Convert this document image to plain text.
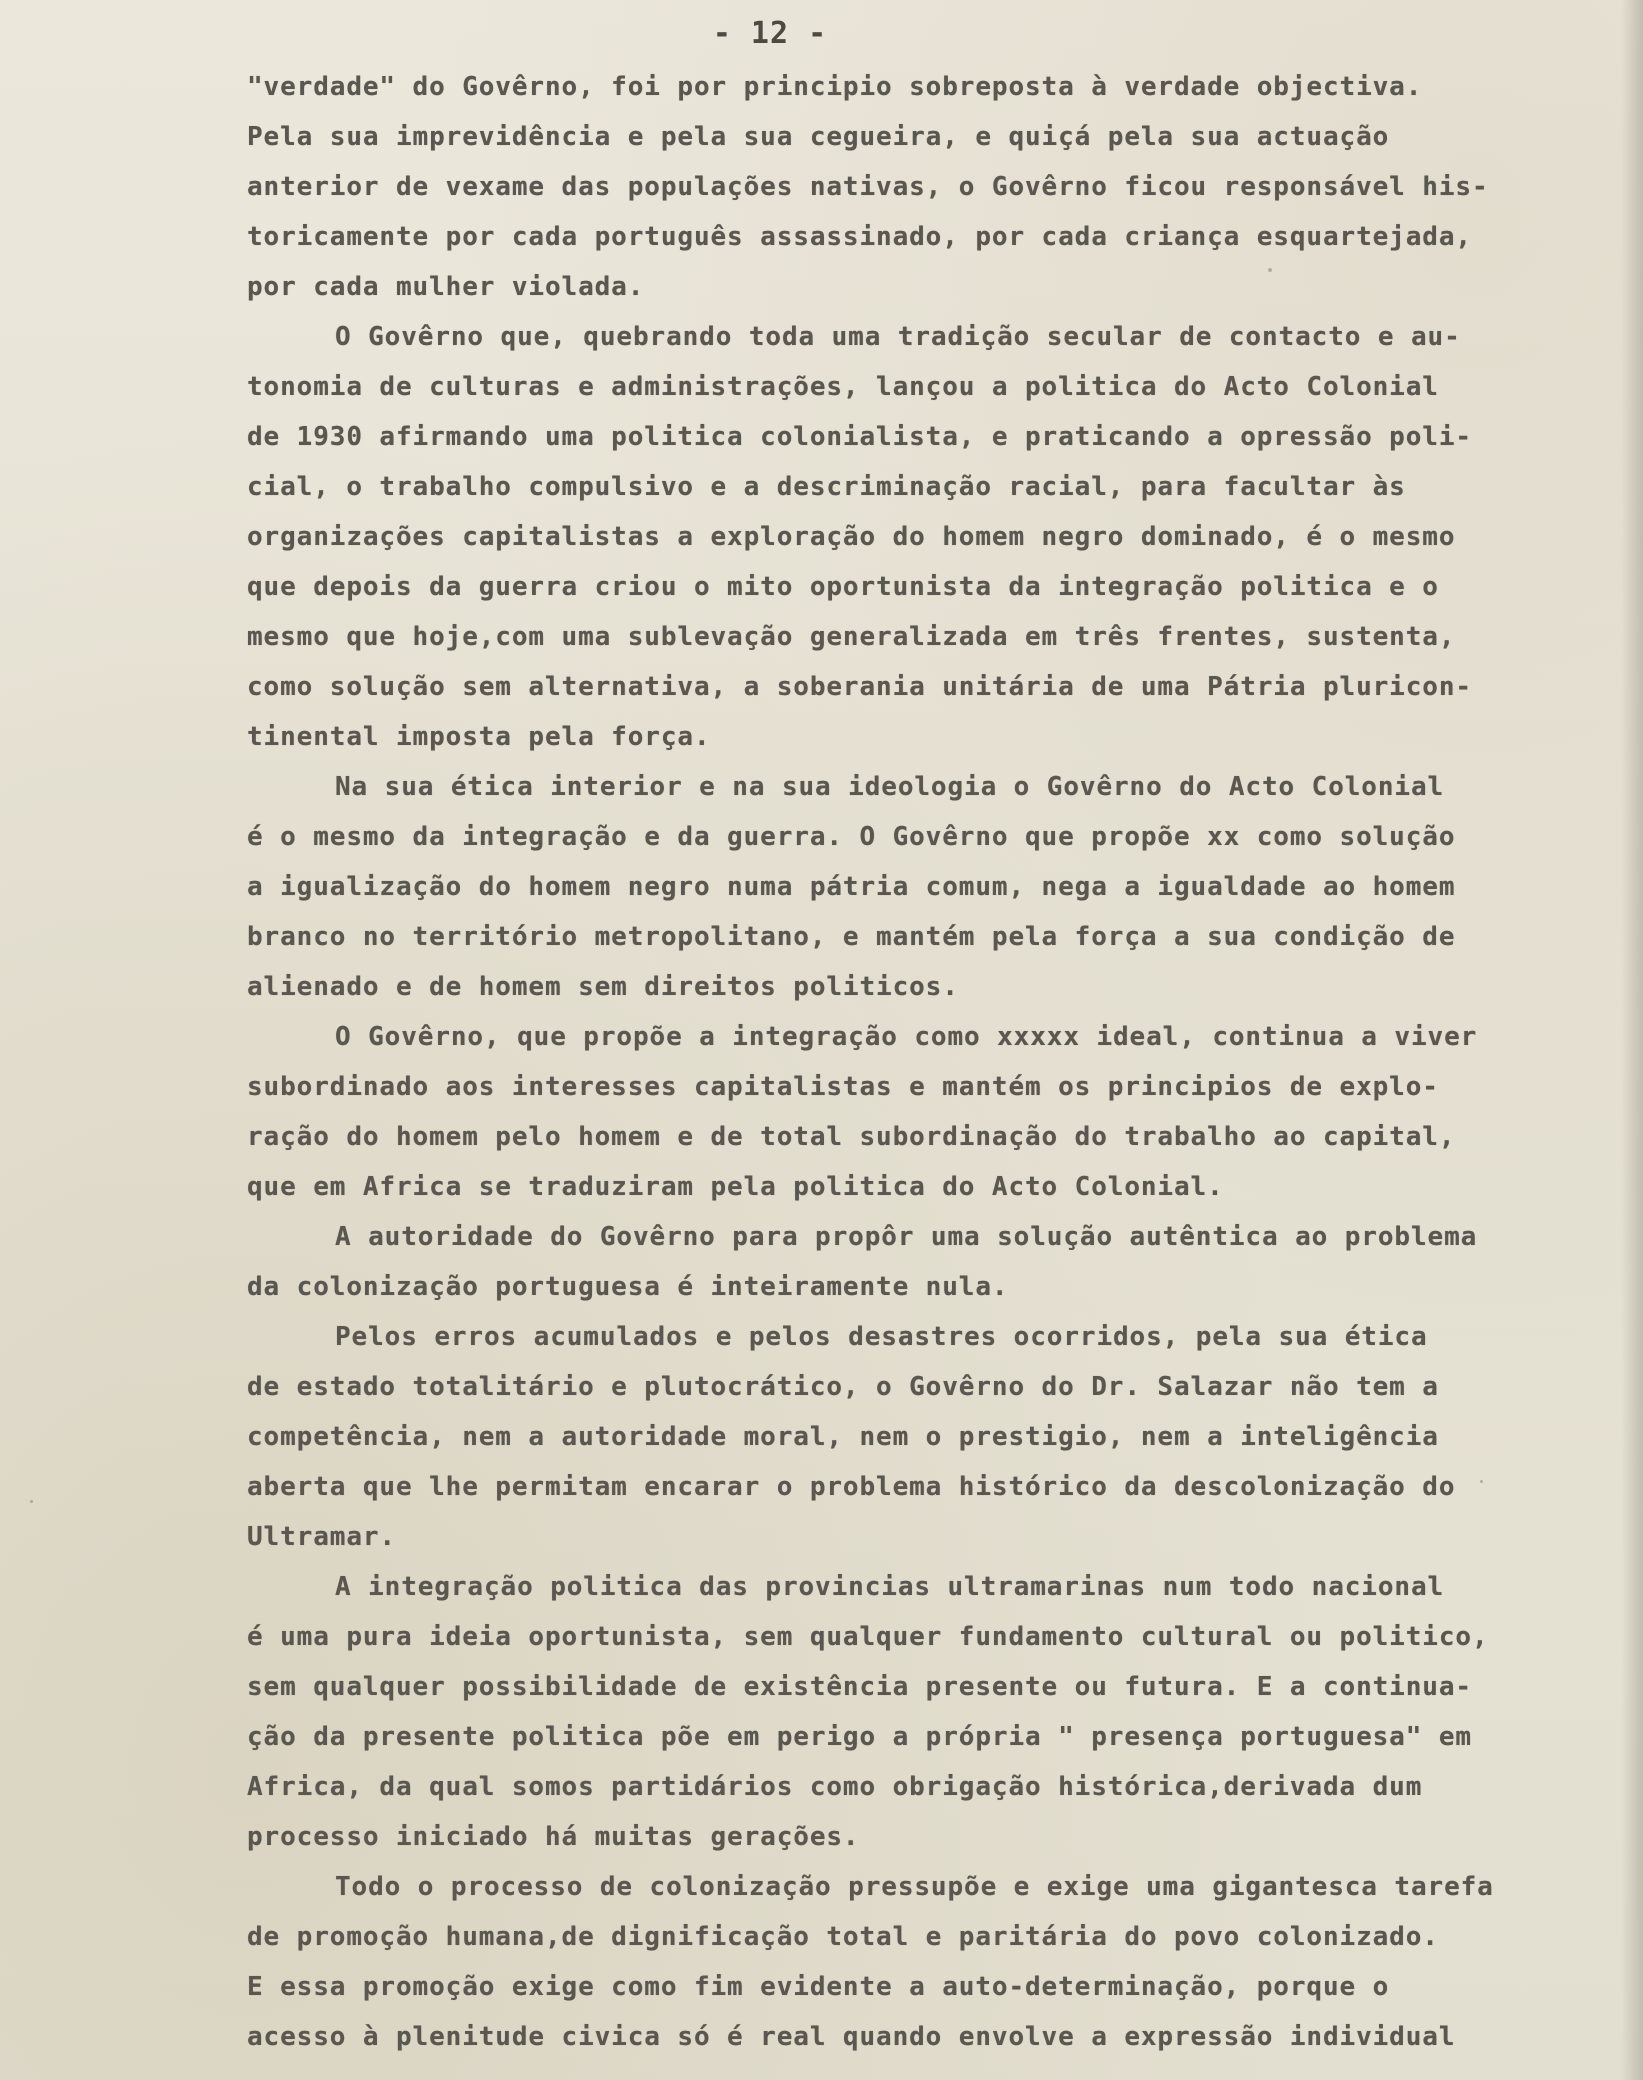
- 12 -
"verdade" do Govêrno, foi por principio sobreposta à verdade objectiva.
Pela sua imprevidência e pela sua cegueira, e quiçá pela sua actuação
anterior de vexame das populações nativas, o Govêrno ficou responsável his-
toricamente por cada português assassinado, por cada criança esquartejada,
por cada mulher violada.
O Govêrno que, quebrando toda uma tradição secular de contacto e au-
tonomia de culturas e administrações, lançou a politica do Acto Colonial
de 1930 afirmando uma politica colonialista, e praticando a opressão poli-
cial, o trabalho compulsivo e a descriminação racial, para facultar às
organizações capitalistas a exploração do homem negro dominado, é o mesmo
que depois da guerra criou o mito oportunista da integração politica e o
mesmo que hoje,com uma sublevação generalizada em três frentes, sustenta,
como solução sem alternativa, a soberania unitária de uma Pátria pluricon-
tinental imposta pela força.
Na sua ética interior e na sua ideologia o Govêrno do Acto Colonial
é o mesmo da integração e da guerra. O Govêrno que propõe xx como solução
a igualização do homem negro numa pátria comum, nega a igualdade ao homem
branco no território metropolitano, e mantém pela força a sua condição de
alienado e de homem sem direitos politicos.
O Govêrno, que propõe a integração como xxxxx ideal, continua a viver
subordinado aos interesses capitalistas e mantém os principios de explo-
ração do homem pelo homem e de total subordinação do trabalho ao capital,
que em Africa se traduziram pela politica do Acto Colonial.
A autoridade do Govêrno para propôr uma solução autêntica ao problema
da colonização portuguesa é inteiramente nula.
Pelos erros acumulados e pelos desastres ocorridos, pela sua ética
de estado totalitário e plutocrático, o Govêrno do Dr. Salazar não tem a
competência, nem a autoridade moral, nem o prestigio, nem a inteligência
aberta que lhe permitam encarar o problema histórico da descolonização do
Ultramar.
A integração politica das provincias ultramarinas num todo nacional
é uma pura ideia oportunista, sem qualquer fundamento cultural ou politico,
sem qualquer possibilidade de existência presente ou futura. E a continua-
ção da presente politica põe em perigo a própria " presença portuguesa" em
Africa, da qual somos partidários como obrigação histórica,derivada dum
processo iniciado há muitas gerações.
Todo o processo de colonização pressupõe e exige uma gigantesca tarefa
de promoção humana,de dignificação total e paritária do povo colonizado.
E essa promoção exige como fim evidente a auto-determinação, porque o
acesso à plenitude civica só é real quando envolve a expressão individual
